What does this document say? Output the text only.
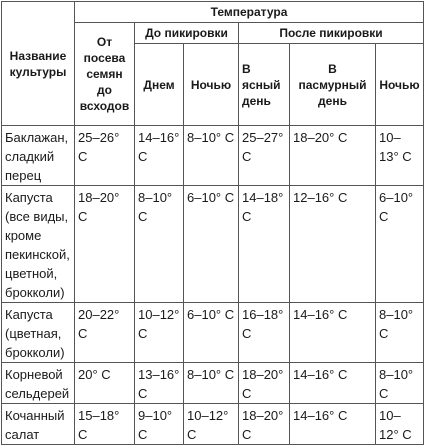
Название культуры	Температура					
	От посева семян до всходов	До пикировки		После пикировки		
		Днем	Ночью	В ясный день	В пасмурный день	Ночью
Баклажан, сладкий перец	25–26° С	14–16° С	8–10° С	25–27° С	18–20° С	10–13° С
Капуста (все виды, кроме пекинской, цветной, брокколи)	18–20° С	8–10° С	6–10° С	14–18° С	12–16° С	6–10° С
Капуста (цветная, брокколи)	20–22° С	10–12° С	6–10° С	16–18° С	14–16° С	8–10° С
Корневой сельдерей	20° С	13–16° С	8–10° С	18–20° С	14–16° С	8–10° С
Кочанный салат	15–18° С	9–10° С	10–12° С	18–20° С	14–16° С	10–12° С
